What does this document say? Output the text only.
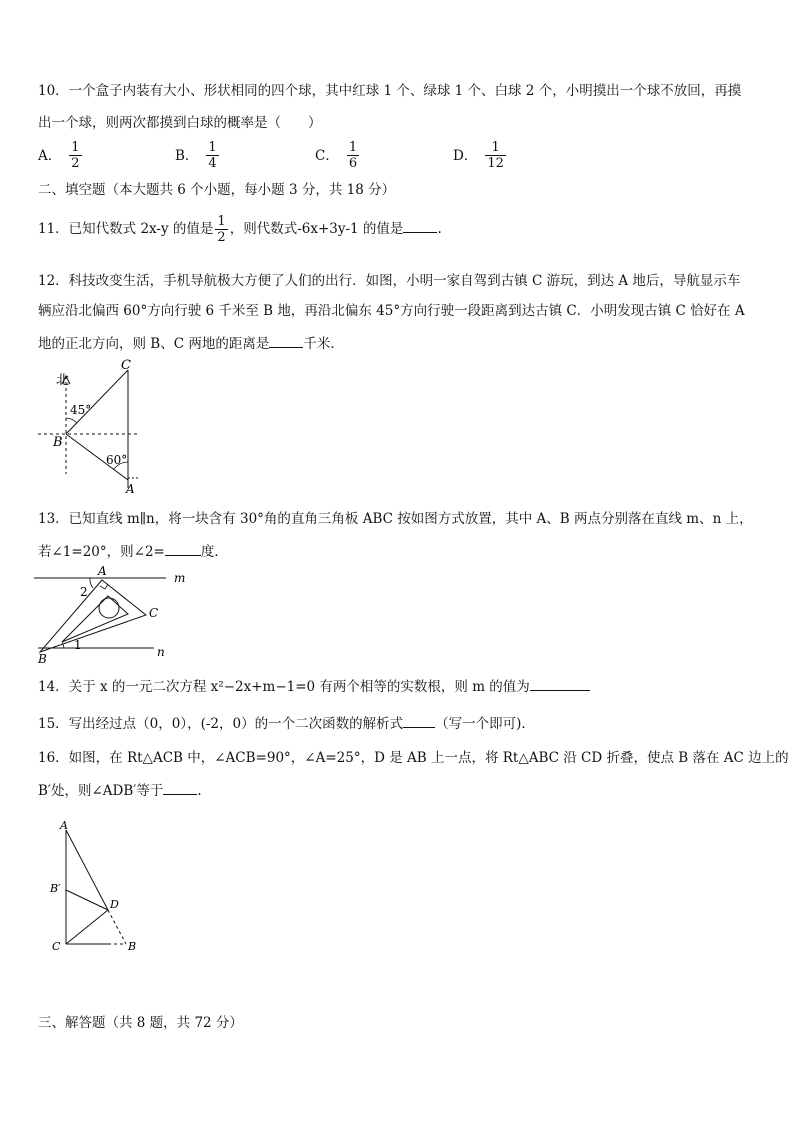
10．一个盒子内装有大小、形状相同的四个球，其中红球 1 个、绿球 1 个、白球 2 个，小明摸出一个球不放回，再摸
出一个球，则两次都摸到白球的概率是（　　）
A． $\frac{1}{2}$	B． $\frac{1}{4}$	C． $\frac{1}{6}$	D． $\frac{1}{12}$
二、填空题（本大题共 6 个小题，每小题 3 分，共 18 分）
11．已知代数式 2x-y 的值是 $\frac{1}{2}$ ，则代数式-6x+3y-1 的值是	.
12．科技改变生活，手机导航极大方便了人们的出行．如图，小明一家自驾到古镇 C 游玩，到达 A 地后，导航显示车
辆应沿北偏西 60°方向行驶 6 千米至 B 地，再沿北偏东 45°方向行驶一段距离到达古镇 C．小明发现古镇 C 恰好在 A
地的正北方向，则 B、C 两地的距离是	千米．
北
C
B
A
45°
60°
13．已知直线 m∥n，将一块含有 30°角的直角三角板 ABC 按如图方式放置，其中 A、B 两点分别落在直线 m、n 上，
若∠1=20°，则∠2=	度．
A
B
C
m
n
1
2
14．关于 x 的一元二次方程 x²−2x+m−1=0 有两个相等的实数根，则 m 的值为
15．写出经过点（0，0），(-2，0）的一个二次函数的解析式 （写一个即可).
16．如图，在 Rt△ACB 中，∠ACB=90°，∠A=25°，D 是 AB 上一点，将 Rt△ABC 沿 CD 折叠，使点 B 落在 AC 边上的
B′处，则∠ADB′等于	.
A
B′
D
C	B
三、解答题（共 8 题，共 72 分）
